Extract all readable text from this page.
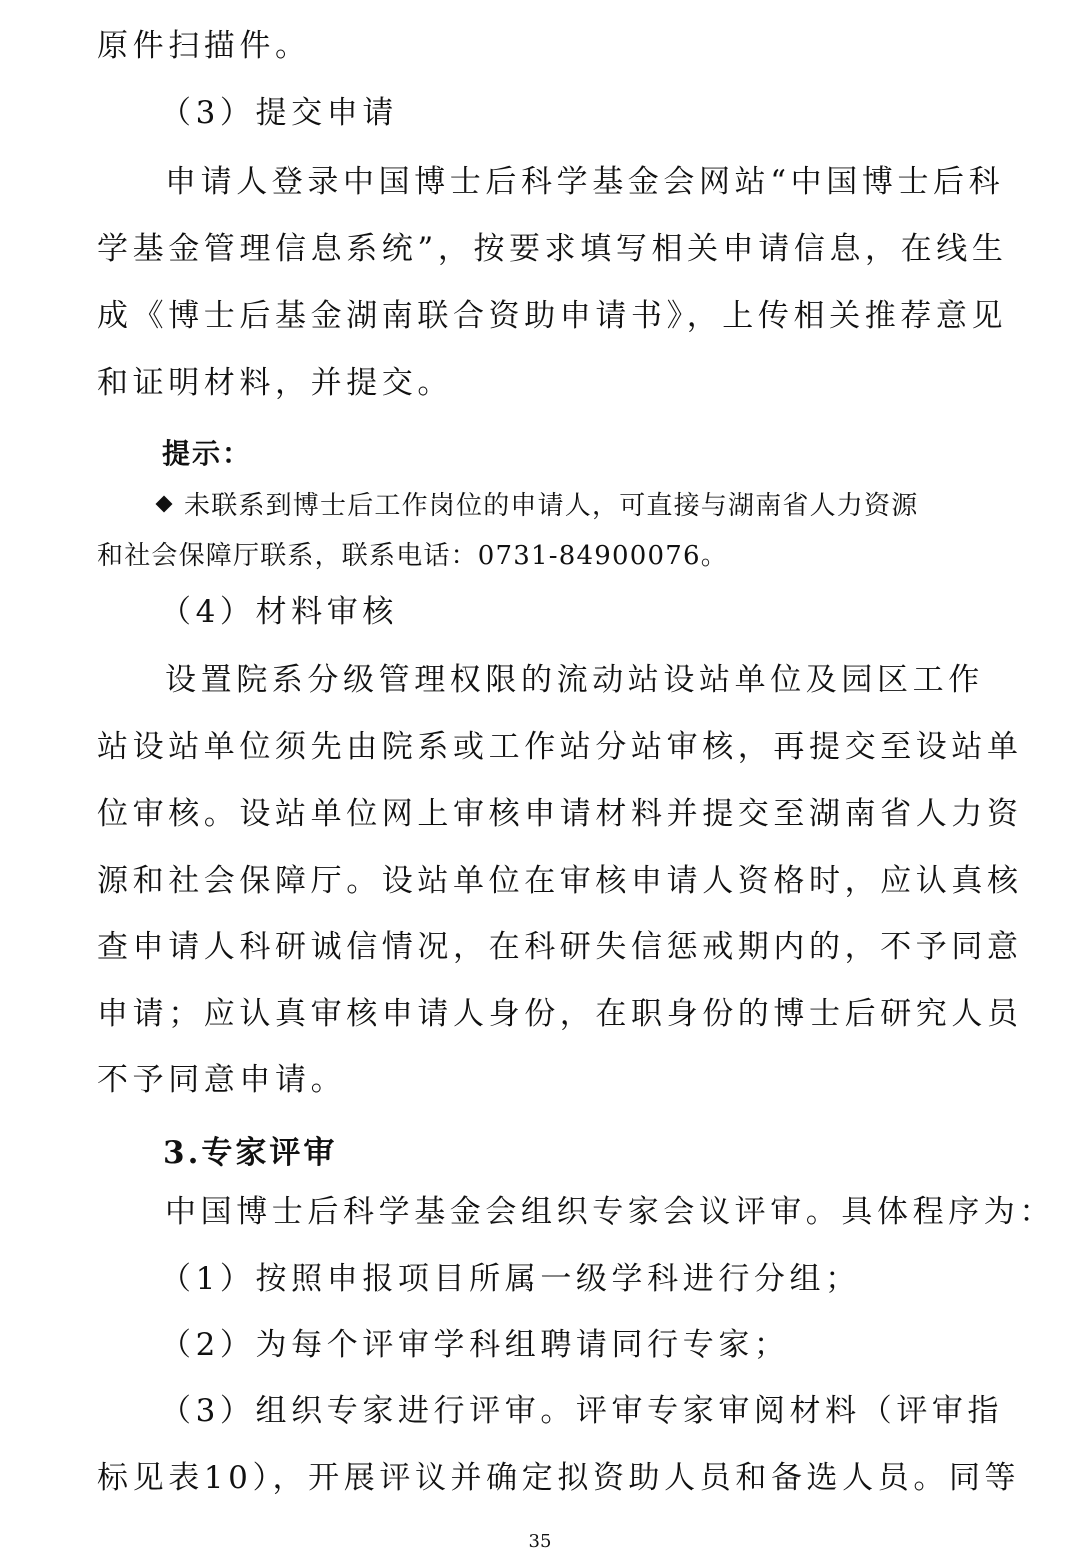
原件扫描件。
（3）提交申请
申请人登录中国博士后科学基金会网站“中国博士后科
学基金管理信息系统”，按要求填写相关申请信息，在线生
成《博士后基金湖南联合资助申请书》，上传相关推荐意见
和证明材料，并提交。
提示：
未联系到博士后工作岗位的申请人，可直接与湖南省人力资源
和社会保障厅联系，联系电话：0731-84900076。
（4）材料审核
设置院系分级管理权限的流动站设站单位及园区工作
站设站单位须先由院系或工作站分站审核，再提交至设站单
位审核。设站单位网上审核申请材料并提交至湖南省人力资
源和社会保障厅。设站单位在审核申请人资格时，应认真核
查申请人科研诚信情况，在科研失信惩戒期内的，不予同意
申请；应认真审核申请人身份，在职身份的博士后研究人员
不予同意申请。
3.专家评审
中国博士后科学基金会组织专家会议评审。具体程序为：
（1）按照申报项目所属一级学科进行分组；
（2）为每个评审学科组聘请同行专家；
（3）组织专家进行评审。评审专家审阅材料（评审指
标见表10），开展评议并确定拟资助人员和备选人员。同等
35
